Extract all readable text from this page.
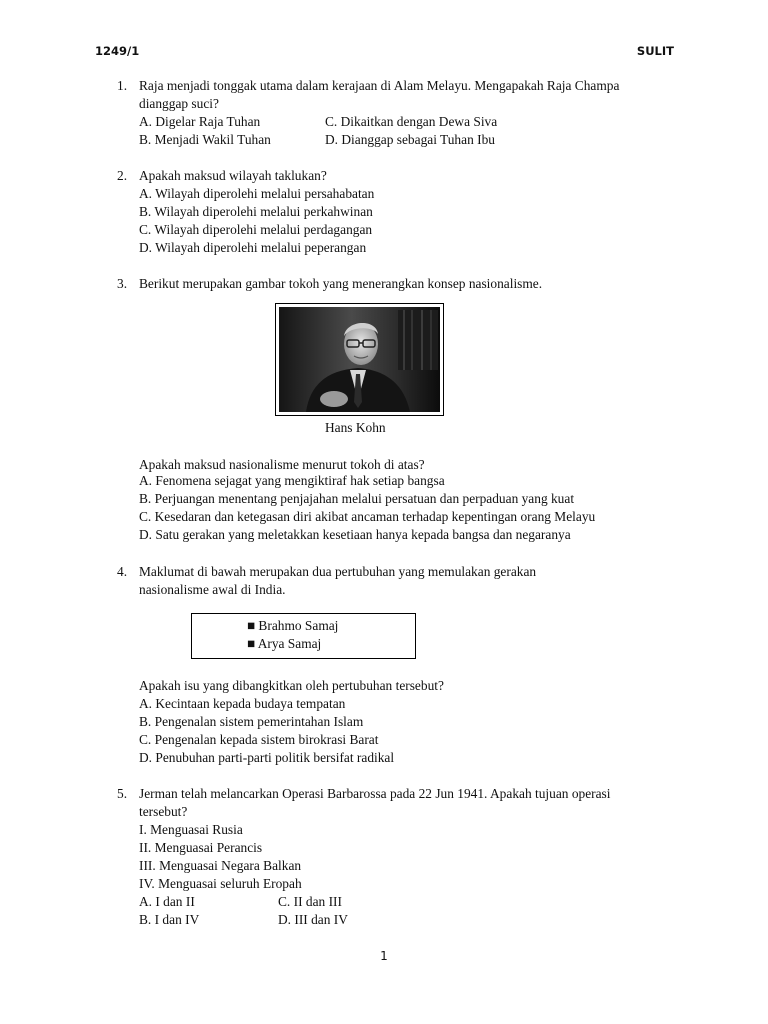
1249/1	SULIT
1. Raja menjadi tonggak utama dalam kerajaan di Alam Melayu. Mengapakah Raja Champa
dianggap suci?
A. Digelar Raja Tuhan	C. Dikaitkan dengan Dewa Siva
B. Menjadi Wakil Tuhan	D. Dianggap sebagai Tuhan Ibu
2. Apakah maksud wilayah taklukan?
A. Wilayah diperolehi melalui persahabatan
B. Wilayah diperolehi melalui perkahwinan
C. Wilayah diperolehi melalui perdagangan
D. Wilayah diperolehi melalui peperangan
3. Berikut merupakan gambar tokoh yang menerangkan konsep nasionalisme.
Hans Kohn
Apakah maksud nasionalisme menurut tokoh di atas?
A. Fenomena sejagat yang mengiktiraf hak setiap bangsa
B. Perjuangan menentang penjajahan melalui persatuan dan perpaduan yang kuat
C. Kesedaran dan ketegasan diri akibat ancaman terhadap kepentingan orang Melayu
D. Satu gerakan yang meletakkan kesetiaan hanya kepada bangsa dan negaranya
4. Maklumat di bawah merupakan dua pertubuhan yang memulakan gerakan
nasionalisme awal di India.
■ Brahmo Samaj
■ Arya Samaj
Apakah isu yang dibangkitkan oleh pertubuhan tersebut?
A. Kecintaan kepada budaya tempatan
B. Pengenalan sistem pemerintahan Islam
C. Pengenalan kepada sistem birokrasi Barat
D. Penubuhan parti-parti politik bersifat radikal
5. Jerman telah melancarkan Operasi Barbarossa pada 22 Jun 1941. Apakah tujuan operasi
tersebut?
I. Menguasai Rusia
II. Menguasai Perancis
III. Menguasai Negara Balkan
IV. Menguasai seluruh Eropah
A. I dan II	C. II dan III
B. I dan IV	D. III dan IV
1
